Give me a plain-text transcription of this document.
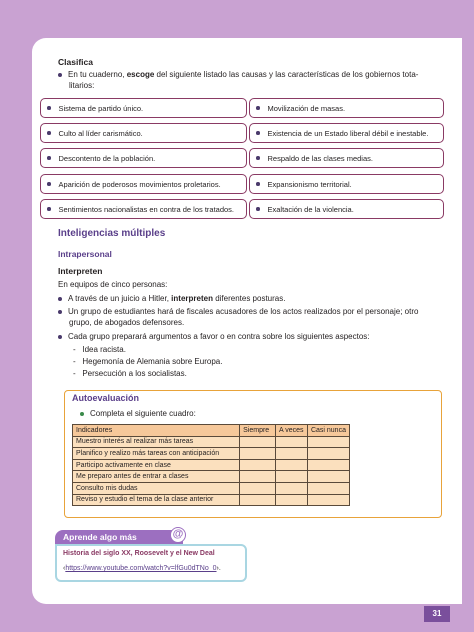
Clasifica
En tu cuaderno, escoge del siguiente listado las causas y las características de los gobiernos tota-
litarios:
Sistema de partido único.	Movilización de masas.
Culto al líder carismático.	Existencia de un Estado liberal débil e inestable.
Descontento de la población.	Respaldo de las clases medias.
Aparición de poderosos movimientos proletarios.	Expansionismo territorial.
Sentimientos nacionalistas en contra de los tratados.	Exaltación de la violencia.
Inteligencias múltiples
Intrapersonal
Interpreten
En equipos de cinco personas:
A través de un juicio a Hitler, interpreten diferentes posturas.
Un grupo de estudiantes hará de fiscales acusadores de los actos realizados por el personaje; otro
grupo, de abogados defensores.
Cada grupo preparará argumentos a favor o en contra sobre los siguientes aspectos:
-   Idea racista.
-   Hegemonía de Alemania sobre Europa.
-   Persecución a los socialistas.
Autoevaluación
Completa el siguiente cuadro:
Indicadores	Siempre	A veces	Casi nunca
Muestro interés al realizar más tareas			
Planifico y realizo más tareas con anticipación			
Participo activamente en clase			
Me preparo antes de entrar a clases			
Consulto mis dudas			
Reviso y estudio el tema de la clase anterior			
Aprende algo más	@
Historia del siglo XX, Roosevelt y el New Deal
‹https://www.youtube.com/watch?v=lfGu0dTNo_0›.
31
